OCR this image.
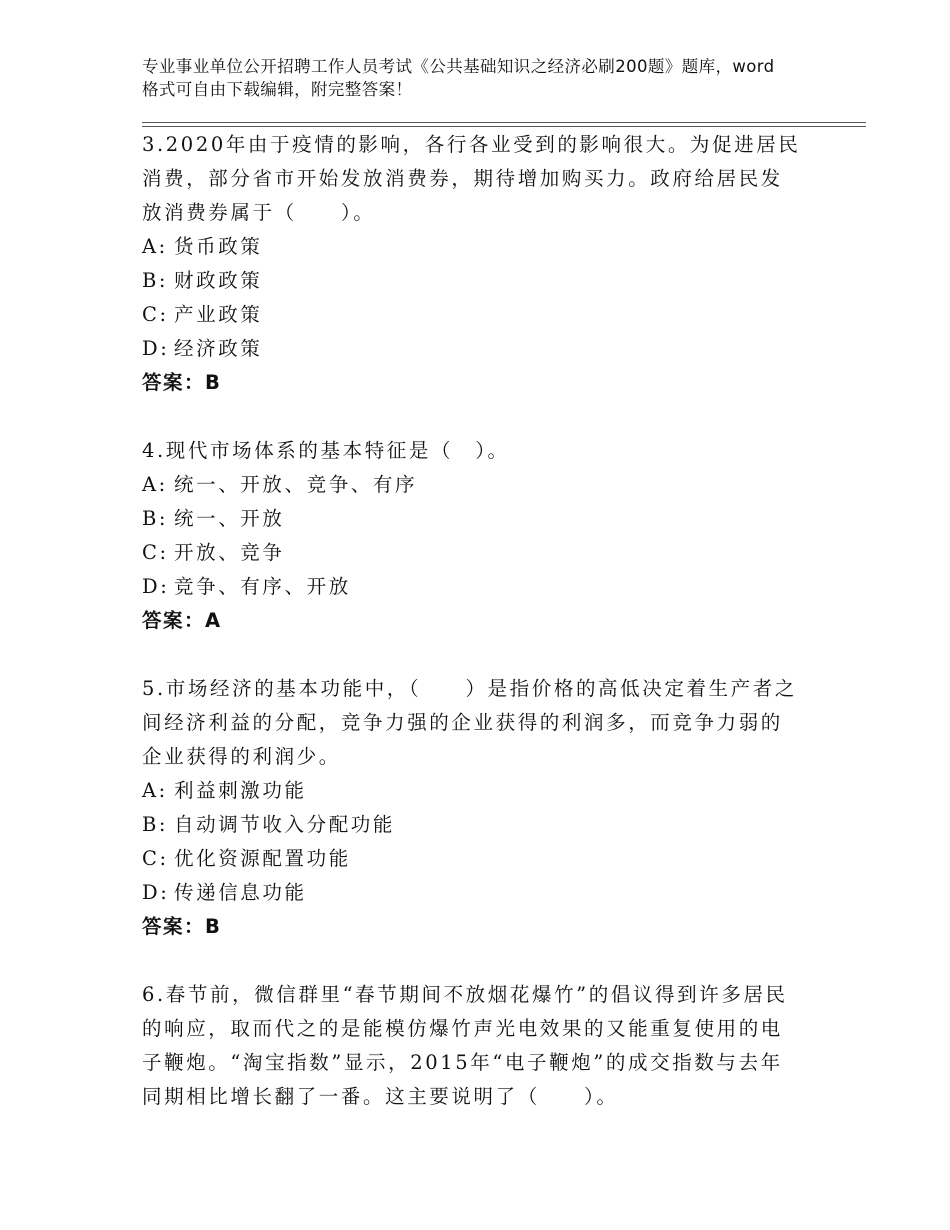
专业事业单位公开招聘工作人员考试《公共基础知识之经济必刷200题》题库，word格式可自由下载编辑，附完整答案！

3.2020年由于疫情的影响，各行各业受到的影响很大。为促进居民消费，部分省市开始发放消费券，期待增加购买力。政府给居民发放消费券属于（　　）。

A: 货币政策

B: 财政政策

C: 产业政策

D: 经济政策

答案：B

4.现代市场体系的基本特征是（　）。

A: 统一、开放、竞争、有序

B: 统一、开放

C: 开放、竞争

D: 竞争、有序、开放

答案：A

5.市场经济的基本功能中，（　　）是指价格的高低决定着生产者之间经济利益的分配，竞争力强的企业获得的利润多，而竞争力弱的企业获得的利润少。

A: 利益刺激功能

B: 自动调节收入分配功能

C: 优化资源配置功能

D: 传递信息功能

答案：B

6.春节前，微信群里“春节期间不放烟花爆竹”的倡议得到许多居民的响应，取而代之的是能模仿爆竹声光电效果的又能重复使用的电子鞭炮。“淘宝指数”显示，2015年“电子鞭炮”的成交指数与去年同期相比增长翻了一番。这主要说明了（　　）。
